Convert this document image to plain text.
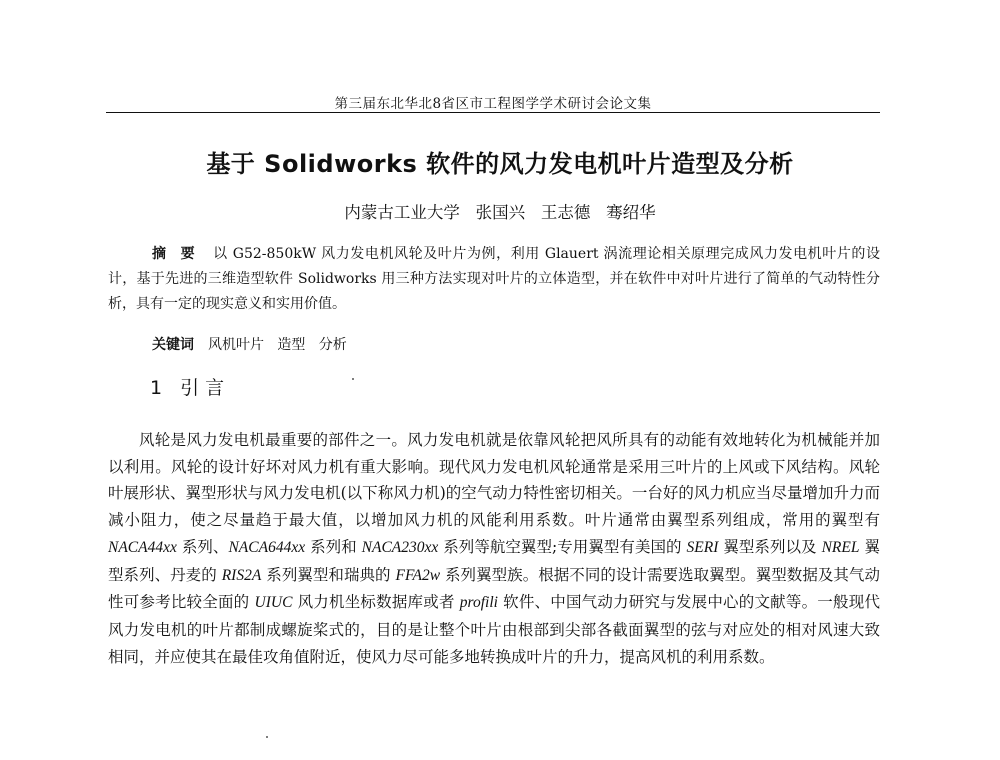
第三届东北华北8省区市工程图学学术研讨会论文集
基于 Solidworks 软件的风力发电机叶片造型及分析
内蒙古工业大学 张国兴 王志德 骞绍华
摘要 以 G52-850kW 风力发电机风轮及叶片为例，利用 Glauert 涡流理论相关原理完成风力发电机叶片的设计，基于先进的三维造型软件 Solidworks 用三种方法实现对叶片的立体造型，并在软件中对叶片进行了简单的气动特性分析，具有一定的现实意义和实用价值。
关键词 风机叶片 造型 分析
1 引言
风轮是风力发电机最重要的部件之一。风力发电机就是依靠风轮把风所具有的动能有效地转化为机械能并加以利用。风轮的设计好坏对风力机有重大影响。现代风力发电机风轮通常是采用三叶片的上风或下风结构。风轮叶展形状、翼型形状与风力发电机(以下称风力机)的空气动力特性密切相关。一台好的风力机应当尽量增加升力而减小阻力，使之尽量趋于最大值，以增加风力机的风能利用系数。叶片通常由翼型系列组成，常用的翼型有 NACA44xx 系列、NACA644xx 系列和 NACA230xx 系列等航空翼型;专用翼型有美国的 SERI 翼型系列以及 NREL 翼型系列、丹麦的 RIS2A 系列翼型和瑞典的 FFA2w 系列翼型族。根据不同的设计需要选取翼型。翼型数据及其气动性可参考比较全面的 UIUC 风力机坐标数据库或者 profili 软件、中国气动力研究与发展中心的文献等。一般现代风力发电机的叶片都制成螺旋桨式的，目的是让整个叶片由根部到尖部各截面翼型的弦与对应处的相对风速大致相同，并应使其在最佳攻角值附近，使风力尽可能多地转换成叶片的升力，提高风机的利用系数。
